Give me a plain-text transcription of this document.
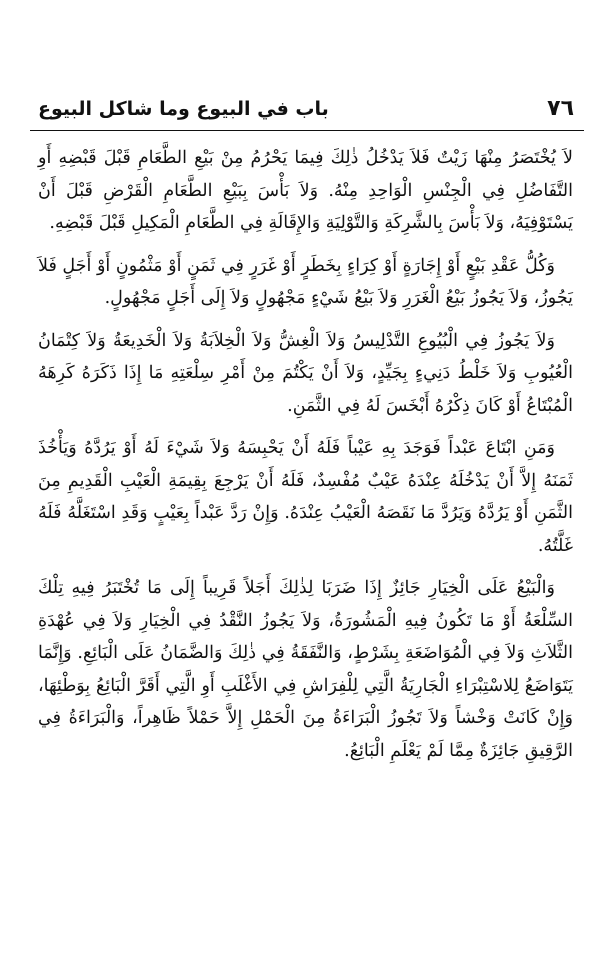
٧٦
باب في البيوع وما شاكل البيوع

لاَ يُخْتَصَرُ مِنْهَا زَيْتٌ فَلاَ يَدْخُلُ ذٰلِكَ فِيمَا يَحْرُمُ مِنْ بَيْعِ الطَّعَامِ قَبْلَ قَبْضِهِ أَوِ التَّفَاضُلِ فِي الْجِنْسِ الْوَاحِدِ مِنْهُ. وَلاَ بَأْسَ بِبَيْعِ الطَّعَامِ الْقَرْضِ قَبْلَ أَنْ يَسْتَوْفِيَهُ، وَلاَ بَأْسَ بِالشَّرِكَةِ وَالتَّوْلِيَةِ وَالإِقَالَةِ فِي الطَّعَامِ الْمَكِيلِ قَبْلَ قَبْضِهِ.

وَكُلُّ عَقْدِ بَيْعٍ أَوْ إِجَارَةٍ أَوْ كِرَاءٍ بِخَطَرٍ أَوْ غَرَرٍ فِي ثَمَنٍ أَوْ مَثْمُونٍ أَوْ أَجَلٍ فَلاَ يَجُوزُ، وَلاَ يَجُوزُ بَيْعُ الْغَرَرِ وَلاَ بَيْعُ شَيْءٍ مَجْهُولٍ وَلاَ إِلَى أَجَلٍ مَجْهُولٍ.

وَلاَ يَجُوزُ فِي الْبُيُوعِ التَّدْلِيسُ وَلاَ الْغِشُّ وَلاَ الْخِلاَبَةُ وَلاَ الْخَدِيعَةُ وَلاَ كِتْمَانُ الْعُيُوبِ وَلاَ خَلْطُ دَنِيءٍ بِجَيِّدٍ، وَلاَ أَنْ يَكْتُمَ مِنْ أَمْرِ سِلْعَتِهِ مَا إِذَا ذَكَرَهُ كَرِهَهُ الْمُبْتَاعُ أَوْ كَانَ ذِكْرُهُ أَبْخَسَ لَهُ فِي الثَّمَنِ.

وَمَنِ ابْتَاعَ عَبْداً فَوَجَدَ بِهِ عَيْباً فَلَهُ أَنْ يَحْبِسَهُ وَلاَ شَيْءَ لَهُ أَوْ يَرُدَّهُ وَيَأْخُذَ ثَمَنَهُ إِلاَّ أَنْ يَدْخُلَهُ عِنْدَهُ عَيْبٌ مُفْسِدٌ، فَلَهُ أَنْ يَرْجِعَ بِقِيمَةِ الْعَيْبِ الْقَدِيمِ مِنَ الثَّمَنِ أَوْ يَرُدَّهُ وَيَرُدَّ مَا نَقَصَهُ الْعَيْبُ عِنْدَهُ. وَإِنْ رَدَّ عَبْداً بِعَيْبٍ وَقَدِ اسْتَغَلَّهُ فَلَهُ غَلَّتُهُ.

وَالْبَيْعُ عَلَى الْخِيَارِ جَائِزٌ إِذَا ضَرَبَا لِذٰلِكَ أَجَلاً قَرِيباً إِلَى مَا تُخْتَبَرُ فِيهِ تِلْكَ السِّلْعَةُ أَوْ مَا تَكُونُ فِيهِ الْمَشُورَةُ، وَلاَ يَجُوزُ النَّقْدُ فِي الْخِيَارِ وَلاَ فِي عُهْدَةِ الثَّلاَثِ وَلاَ فِي الْمُوَاضَعَةِ بِشَرْطٍ، وَالنَّفَقَةُ فِي ذٰلِكَ وَالضَّمَانُ عَلَى الْبَائِعِ. وَإِنَّمَا يَتَوَاضَعُ لِلاسْتِبْرَاءِ الْجَارِيَةُ الَّتِي لِلْفِرَاشِ فِي الأَغْلَبِ أَوِ الَّتِي أَقَرَّ الْبَائِعُ بِوَطْئِهَا، وَإِنْ كَانَتْ وَخْشاً وَلاَ تَجُوزُ الْبَرَاءَةُ مِنَ الْحَمْلِ إِلاَّ حَمْلاً ظَاهِراً، وَالْبَرَاءَةُ فِي الرَّقِيقِ جَائِزَةٌ مِمَّا لَمْ يَعْلَمِ الْبَائِعُ.
